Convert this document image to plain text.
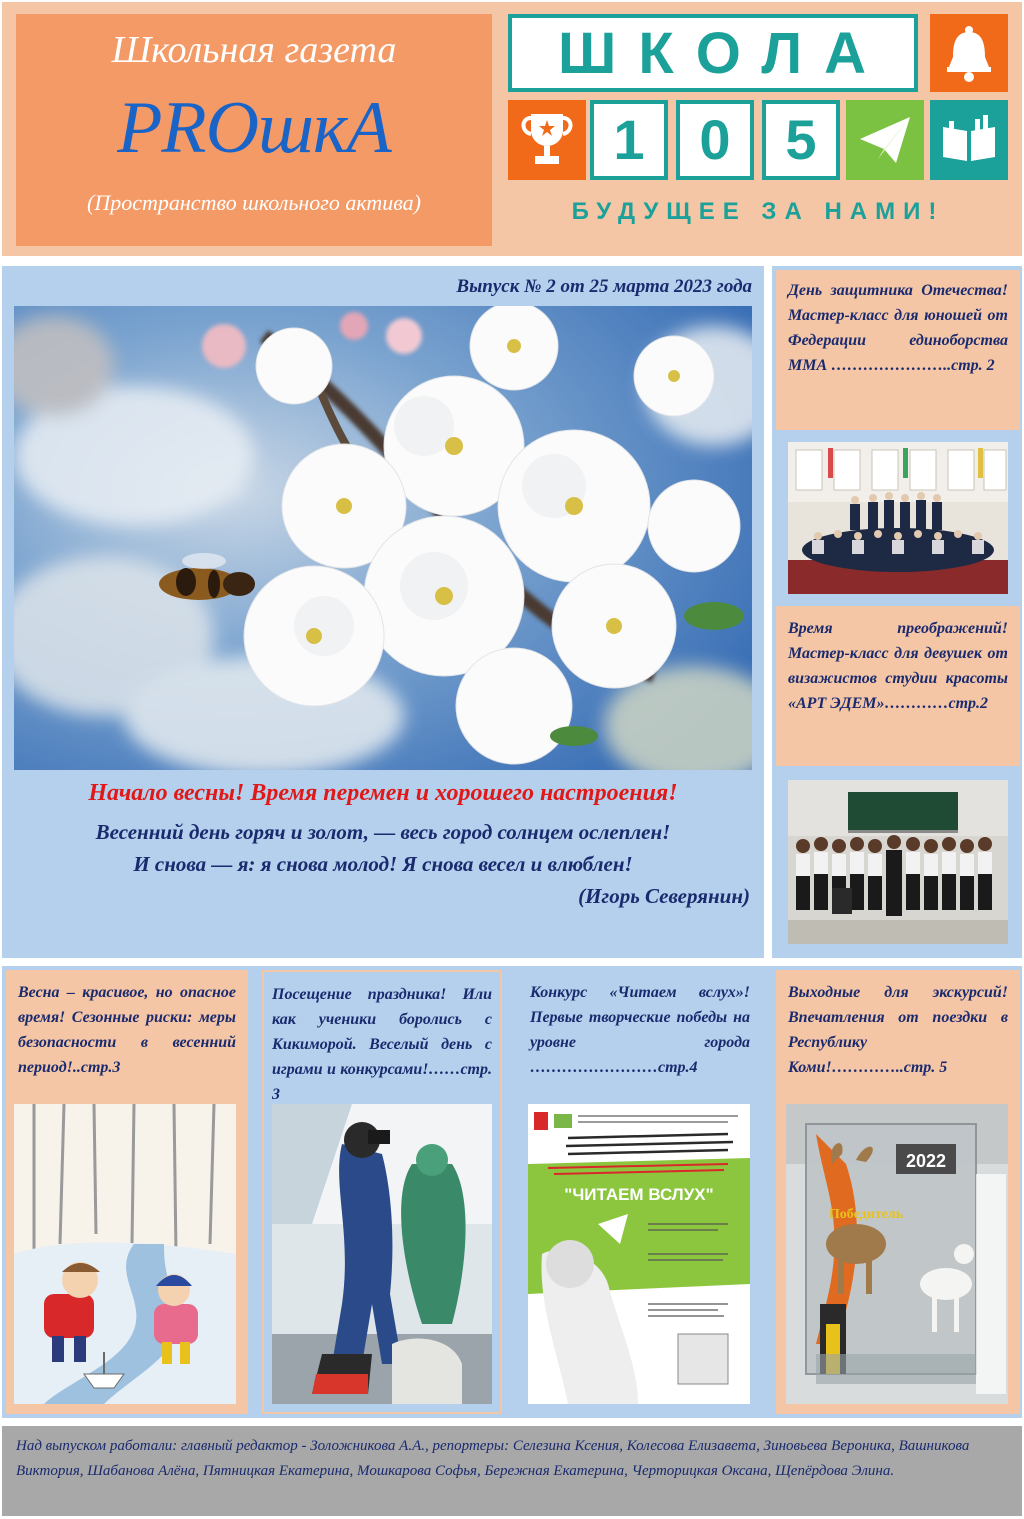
Школьная газета
PROшкА
(Пространство школьного актива)
ШКОЛА
1 0 5
БУДУЩЕЕ ЗА НАМИ!
Выпуск № 2 от 25 марта 2023 года
Начало весны! Время перемен и хорошего настроения!
Весенний день горяч и золот, — весь город солнцем ослеплен!
И снова — я: я снова молод! Я снова весел и влюблен!
(Игорь Северянин)
День защитника Отечества! Мастер-класс для юношей от Федерации единоборства ММА …………………..стр. 2
Время преображений! Мастер-класс для девушек от визажистов студии красоты «АРТ ЭДЕМ»…………стр.2
Весна – красивое, но опасное время! Сезонные риски: меры безопасности в весенний период!..стр.3
Посещение праздника! Или как ученики боролись с Кикиморой. Веселый день с играми и конкурсами!……стр. 3
Конкурс «Читаем вслух»! Первые творческие победы на уровне города ……………………стр.4
"ЧИТАЕМ ВСЛУХ"
Выходные для экскурсий! Впечатления от поездки в Республику Коми!…………..стр. 5
2022
Победитель
Над выпуском работали: главный редактор - Золожникова А.А., репортеры: Селезина Ксения, Колесова Елизавета, Зиновьева Вероника, Вашникова Виктория, Шабанова Алёна, Пятницкая Екатерина, Мошкарова Софья, Бережная Екатерина, Черторицкая Оксана, Щепёрдова Элина.
